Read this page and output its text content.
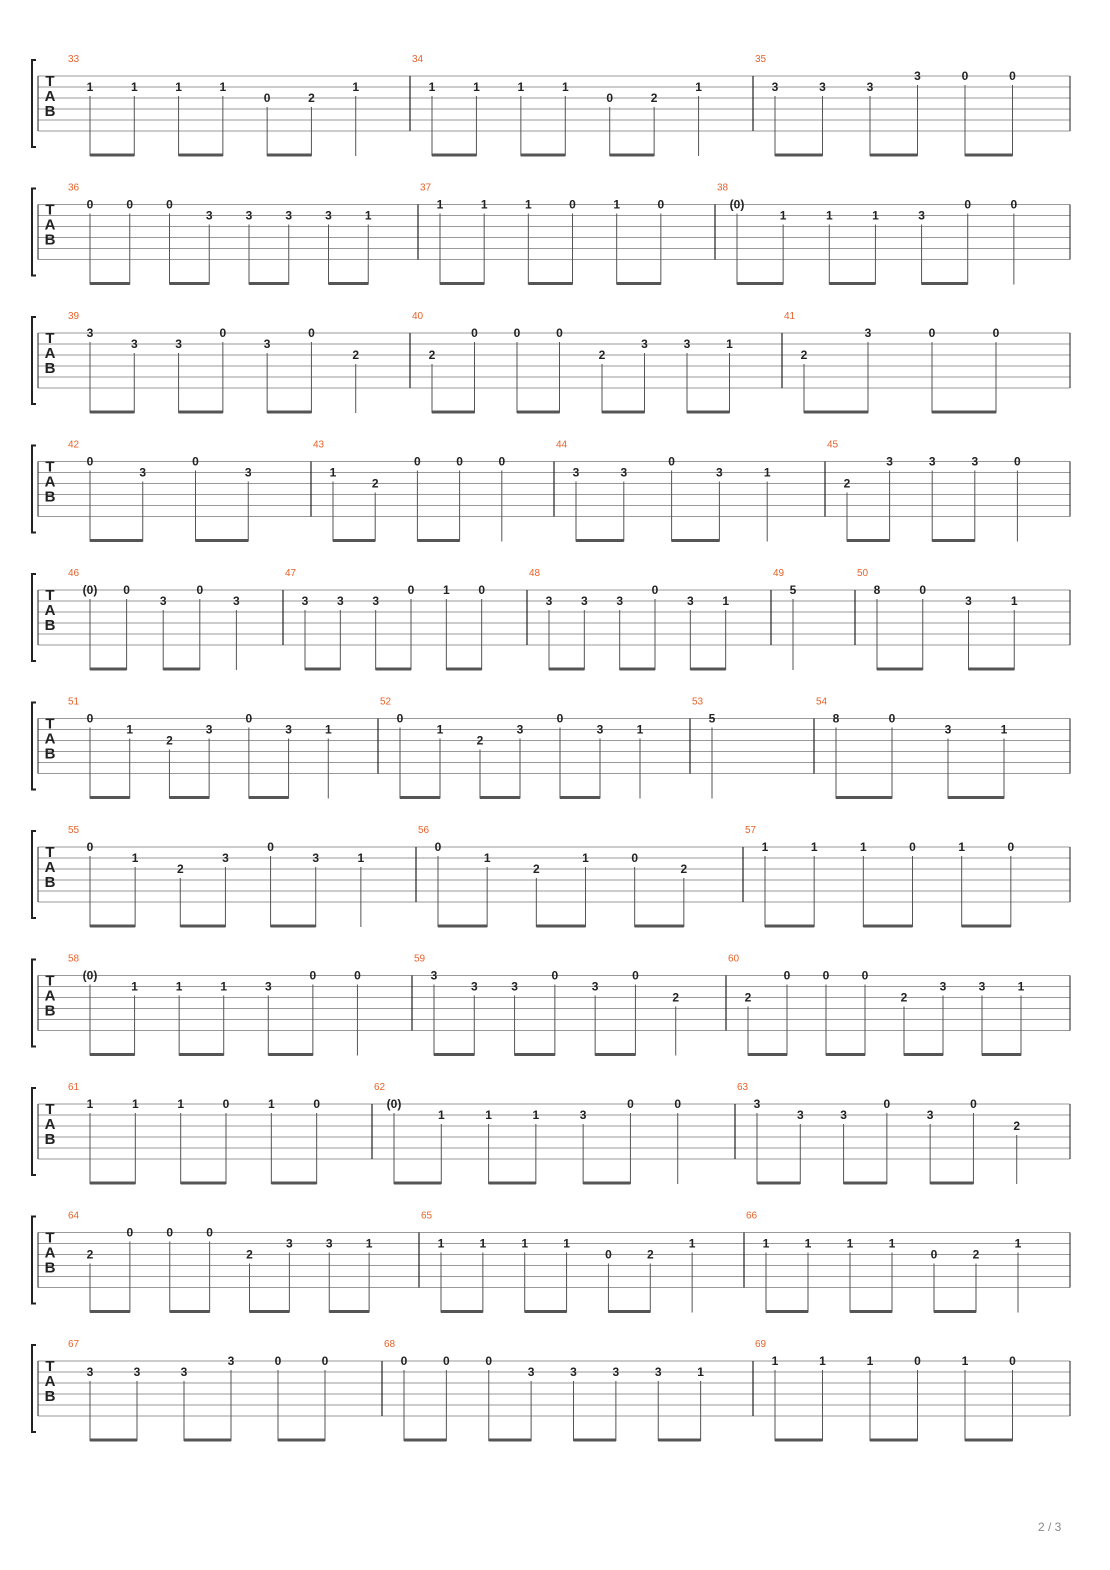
T
A
B
33
1	1	1	1
0	2
1
34
1	1	1	1
0	2
1
35
3	3	3
3	0	0
T
A
B
36
0	0	0
3	3	3	3	1
37
1	1	1	0	1	0
38
(0)
1	1	1	3
0	0
T
A
B
39
3
3	3
0
3
0
2
40
2
0	0	0
2
3	3	1
41
2
3	0	0
T
A
B
42
0
3
0
3
43
1
2
0	0	0
44
3	3
0
3	1
45
2
3	3	3	0
T
A
B
46
(0) 0
3
0
3
47
3 3 3
0 1 0
48
3 3 3
0
3 1
49
5
50
8	0
3	1
T
A
B
51
0
1
2
3
0
3	1
52
0
1
2
3
0
3	1
53
5
54
8	0
3	1
T
A
B
55
0
1
2
3
0
3	1
56
0
1
2
1	0
2
57
1	1	1	0	1	0
T
A
B
58
(0)
1	1	1	3
0	0
59
3
3	3
0
3
0
2
60
2
0	0	0
2
3	3	1
T
A
B
61
1	1	1	0	1	0
62
(0)
1	1	1	3
0	0
63
3
3	3
0
3
0
2
T
A
B
64
2
0	0	0
2
3	3	1
65
1	1	1	1
0	2
1
66
1	1	1	1
0	2
1
T
A
B
67
3	3	3
3	0	0
68
0	0	0
3	3	3	3	1
69
1	1	1	0	1	0
2 / 3
